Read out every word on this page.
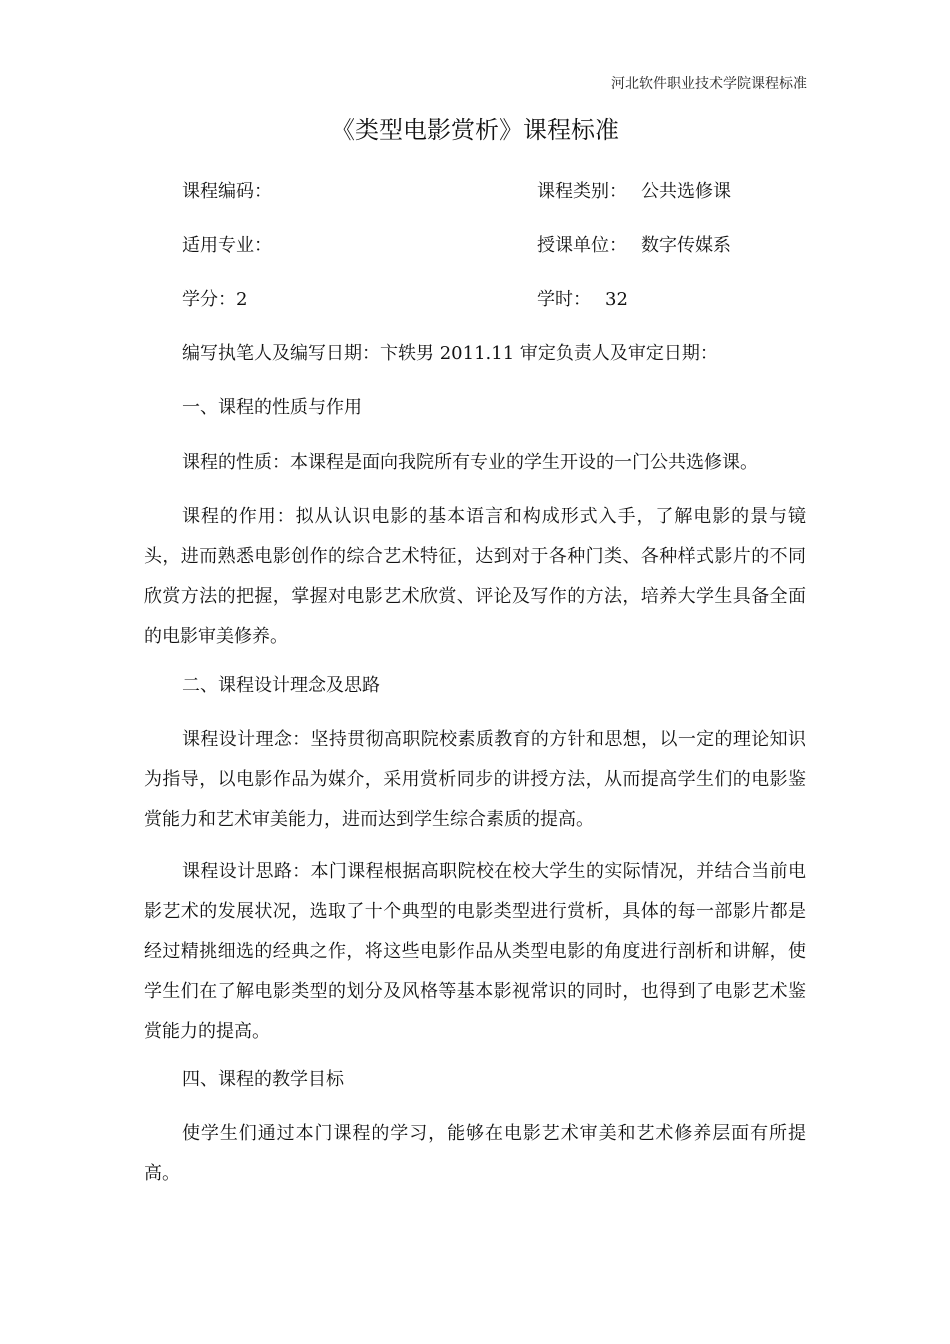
河北软件职业技术学院课程标准
《类型电影赏析》课程标准
课程编码：	课程类别： 公共选修课
适用专业：	授课单位： 数字传媒系
学分：2	学时： 32
编写执笔人及编写日期：卞轶男 2011.11 审定负责人及审定日期：
一、课程的性质与作用
课程的性质：本课程是面向我院所有专业的学生开设的一门公共选修课。

课程的作用：拟从认识电影的基本语言和构成形式入手，了解电影的景与镜头，进而熟悉电影创作的综合艺术特征，达到对于各种门类、各种样式影片的不同欣赏方法的把握，掌握对电影艺术欣赏、评论及写作的方法，培养大学生具备全面的电影审美修养。

二、课程设计理念及思路

课程设计理念：坚持贯彻高职院校素质教育的方针和思想，以一定的理论知识为指导，以电影作品为媒介，采用赏析同步的讲授方法，从而提高学生们的电影鉴赏能力和艺术审美能力，进而达到学生综合素质的提高。

课程设计思路：本门课程根据高职院校在校大学生的实际情况，并结合当前电影艺术的发展状况，选取了十个典型的电影类型进行赏析，具体的每一部影片都是经过精挑细选的经典之作，将这些电影作品从类型电影的角度进行剖析和讲解，使学生们在了解电影类型的划分及风格等基本影视常识的同时，也得到了电影艺术鉴赏能力的提高。

四、课程的教学目标

使学生们通过本门课程的学习，能够在电影艺术审美和艺术修养层面有所提高。
